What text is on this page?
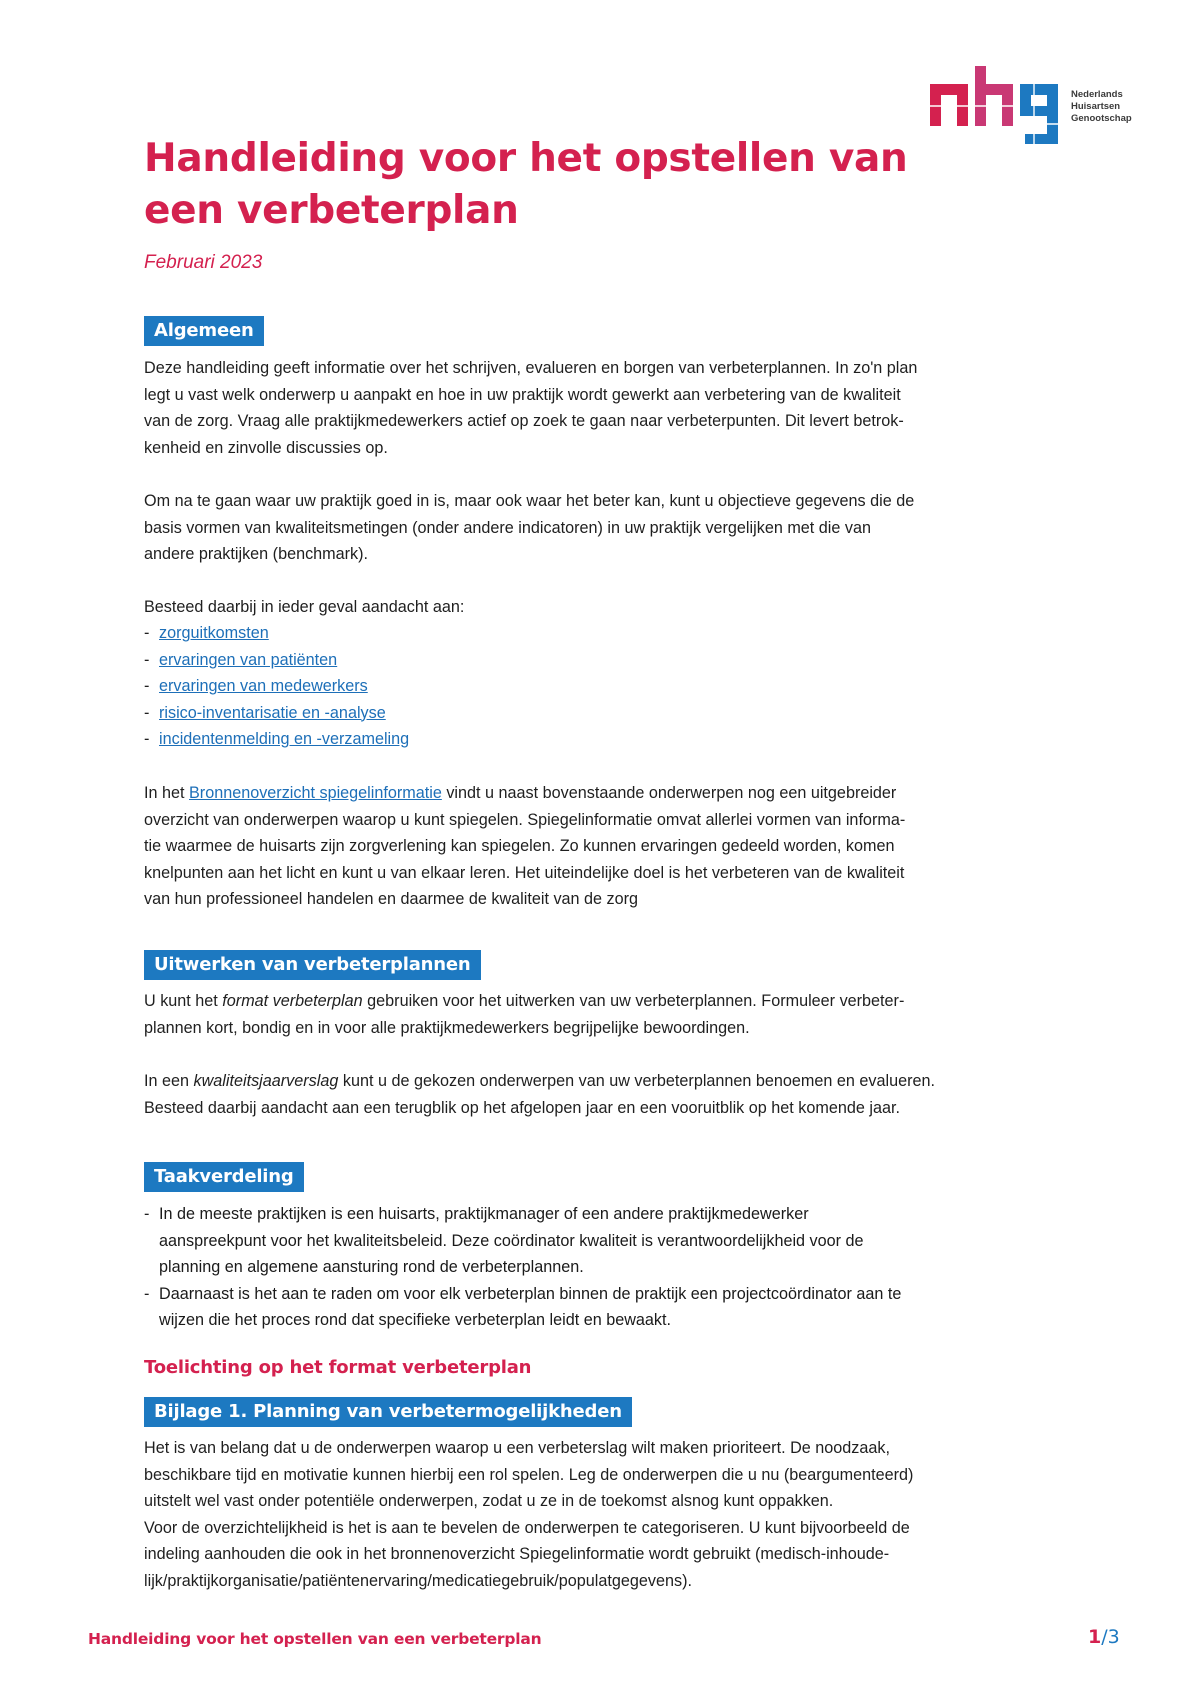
Nederlands
Huisartsen
Genootschap
Handleiding voor het opstellen van
een verbeterplan
Februari 2023
Algemeen
Deze handleiding geeft informatie over het schrijven, evalueren en borgen van verbeterplannen. In zo'n plan
legt u vast welk onderwerp u aanpakt en hoe in uw praktijk wordt gewerkt aan verbetering van de kwaliteit
van de zorg. Vraag alle praktijkmedewerkers actief op zoek te gaan naar verbeterpunten. Dit levert betrok-
kenheid en zinvolle discussies op.
Om na te gaan waar uw praktijk goed in is, maar ook waar het beter kan, kunt u objectieve gegevens die de
basis vormen van kwaliteitsmetingen (onder andere indicatoren) in uw praktijk vergelijken met die van
andere praktijken (benchmark).
Besteed daarbij in ieder geval aandacht aan:
- zorguitkomsten
- ervaringen van patiënten
- ervaringen van medewerkers
- risico-inventarisatie en -analyse
- incidentenmelding en -verzameling
In het Bronnenoverzicht spiegelinformatie vindt u naast bovenstaande onderwerpen nog een uitgebreider
overzicht van onderwerpen waarop u kunt spiegelen. Spiegelinformatie omvat allerlei vormen van informa-
tie waarmee de huisarts zijn zorgverlening kan spiegelen. Zo kunnen ervaringen gedeeld worden, komen
knelpunten aan het licht en kunt u van elkaar leren. Het uiteindelijke doel is het verbeteren van de kwaliteit
van hun professioneel handelen en daarmee de kwaliteit van de zorg
Uitwerken van verbeterplannen
U kunt het format verbeterplan gebruiken voor het uitwerken van uw verbeterplannen. Formuleer verbeter-
plannen kort, bondig en in voor alle praktijkmedewerkers begrijpelijke bewoordingen.
In een kwaliteitsjaarverslag kunt u de gekozen onderwerpen van uw verbeterplannen benoemen en evalueren.
Besteed daarbij aandacht aan een terugblik op het afgelopen jaar en een vooruitblik op het komende jaar.
Taakverdeling
- In de meeste praktijken is een huisarts, praktijkmanager of een andere praktijkmedewerker
aanspreekpunt voor het kwaliteitsbeleid. Deze coördinator kwaliteit is verantwoordelijkheid voor de
planning en algemene aansturing rond de verbeterplannen.
- Daarnaast is het aan te raden om voor elk verbeterplan binnen de praktijk een projectcoördinator aan te
wijzen die het proces rond dat specifieke verbeterplan leidt en bewaakt.
Toelichting op het format verbeterplan
Bijlage 1. Planning van verbetermogelijkheden
Het is van belang dat u de onderwerpen waarop u een verbeterslag wilt maken prioriteert. De noodzaak,
beschikbare tijd en motivatie kunnen hierbij een rol spelen. Leg de onderwerpen die u nu (beargumenteerd)
uitstelt wel vast onder potentiële onderwerpen, zodat u ze in de toekomst alsnog kunt oppakken.
Voor de overzichtelijkheid is het is aan te bevelen de onderwerpen te categoriseren. U kunt bijvoorbeeld de
indeling aanhouden die ook in het bronnenoverzicht Spiegelinformatie wordt gebruikt (medisch-inhoude-
lijk/praktijkorganisatie/patiëntenervaring/medicatiegebruik/populatgegevens).
Handleiding voor het opstellen van een verbeterplan	1/3
